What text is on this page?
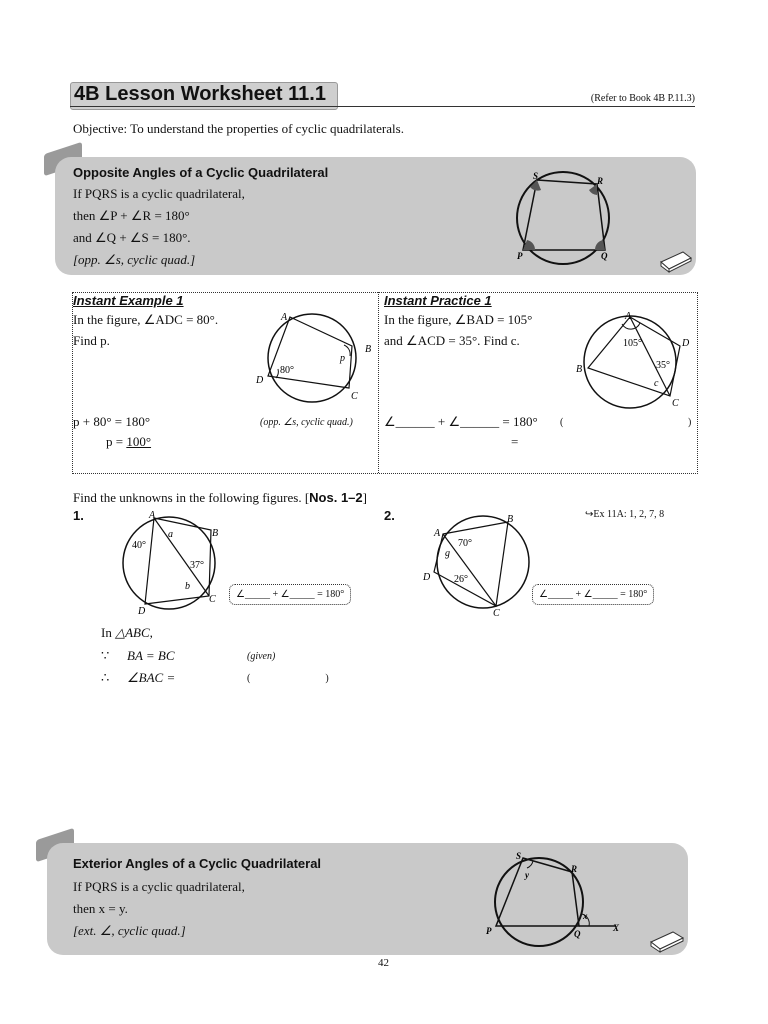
4B Lesson Worksheet 11.1	(Refer to Book 4B P.11.3)
Objective: To understand the properties of cyclic quadrilaterals.
Opposite Angles of a Cyclic Quadrilateral
If PQRS is a cyclic quadrilateral,
then ∠P + ∠R = 180°
and ∠Q + ∠S = 180°.
[opp. ∠s, cyclic quad.]
S	R
P	Q
Instant Example 1
In the figure, ∠ADC = 80°.
Find p.
A
B
C
D
p
80°
p + 80° = 180°	(opp. ∠s, cyclic quad.)
p = 100°
Instant Practice 1
In the figure, ∠BAD = 105°
and ∠ACD = 35°. Find c.
A
B
C
D
105°
35°
c
∠______ + ∠______ = 180° (	)
=
Find the unknowns in the following figures. [Nos. 1–2]
↪Ex 11A: 1, 2, 7, 8
1.	A
B
C
D
40°
a
37°
b
∠_____ + ∠_____ = 180°
In △ABC,
∵ BA = BC	(given)
∴ ∠BAC =	(                              )
2.
A
B
C
D
70°
g
26°
∠_____ + ∠_____ = 180°
Exterior Angles of a Cyclic Quadrilateral
If PQRS is a cyclic quadrilateral,
then x = y.
[ext. ∠, cyclic quad.]
S
R
P	Q
X
y
x
42
